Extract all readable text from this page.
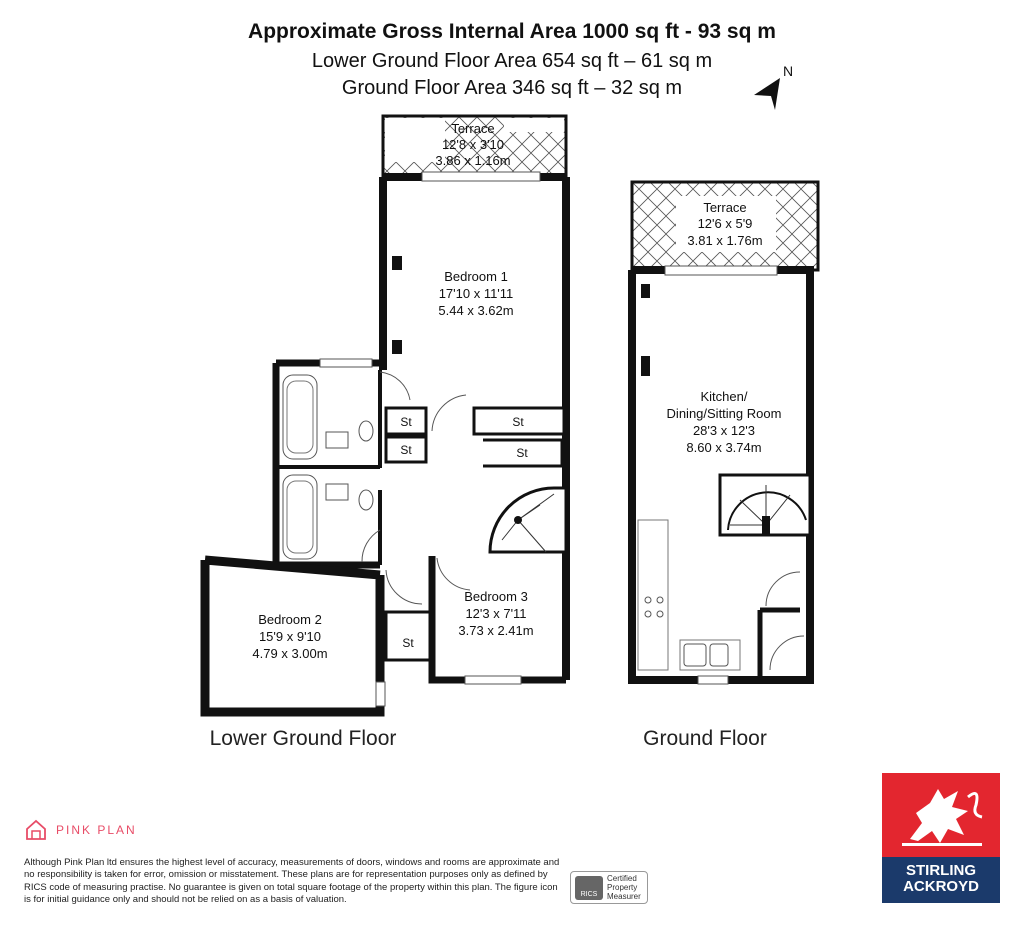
Approximate Gross Internal Area 1000 sq ft - 93 sq m
Lower Ground Floor Area 654 sq ft – 61 sq m
Ground Floor Area 346 sq ft – 32 sq m
N
Terrace
12'8 x 3'10
3.86 x 1.16m
Bedroom 1
17'10 x 11'11
5.44 x 3.62m
Bedroom 2
15'9 x 9'10
4.79 x 3.00m
Bedroom 3
12'3 x 7'11
3.73 x 2.41m
St
St
St
St
St
Lower Ground Floor
Terrace
12'6 x 5'9
3.81 x 1.76m
Kitchen/
Dining/Sitting Room
28'3 x 12'3
8.60 x 3.74m
Ground Floor
PINK PLAN
Although Pink Plan ltd ensures the highest level of accuracy, measurements of doors, windows and rooms are approximate and no responsibility is taken for error, omission or misstatement. These plans are for representation purposes only as defined by RICS code of measuring practise. No guarantee is given on total square footage of the property within this plan. The figure icon is for initial guidance only and should not be relied on as a basis of valuation.
RICS
Certified
Property
Measurer
STIRLING
ACKROYD
